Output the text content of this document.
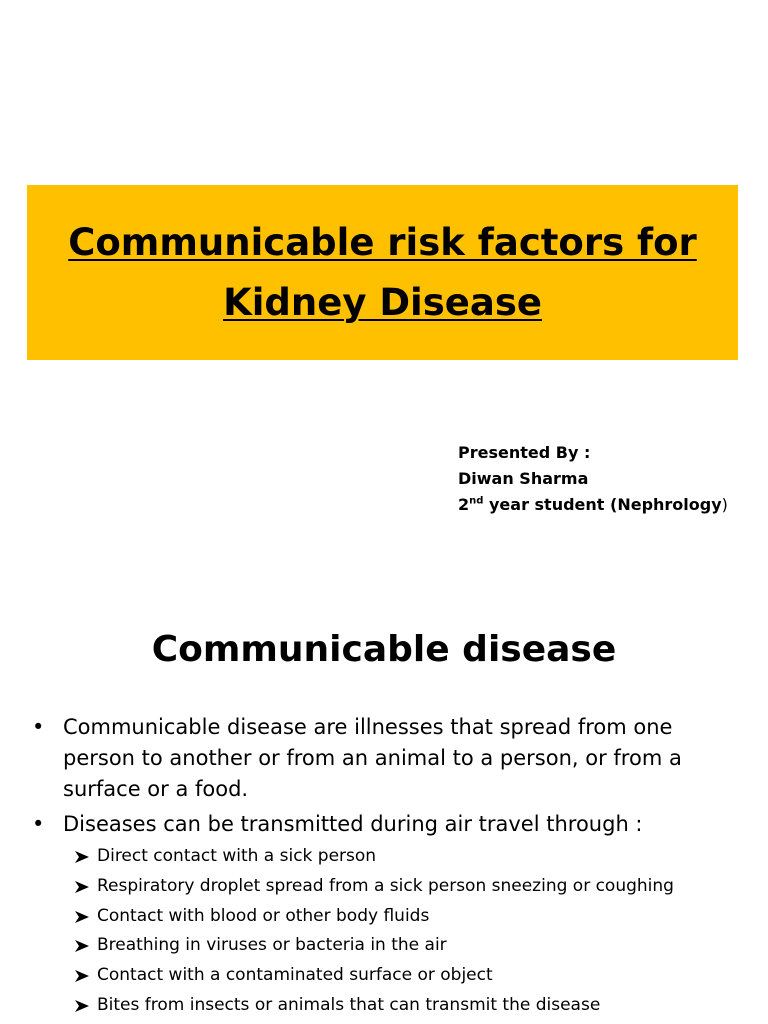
Communicable risk factors for
Kidney Disease
Presented By :
Diwan Sharma
2nd year student (Nephrology)
Communicable disease
• Communicable disease are illnesses that spread from one person to another or from an animal to a person, or from a surface or a food.
• Diseases can be transmitted during air travel through :
Direct contact with a sick person
Respiratory droplet spread from a sick person sneezing or coughing
Contact with blood or other body fluids
Breathing in viruses or bacteria in the air
Contact with a contaminated surface or object
Bites from insects or animals that can transmit the disease
